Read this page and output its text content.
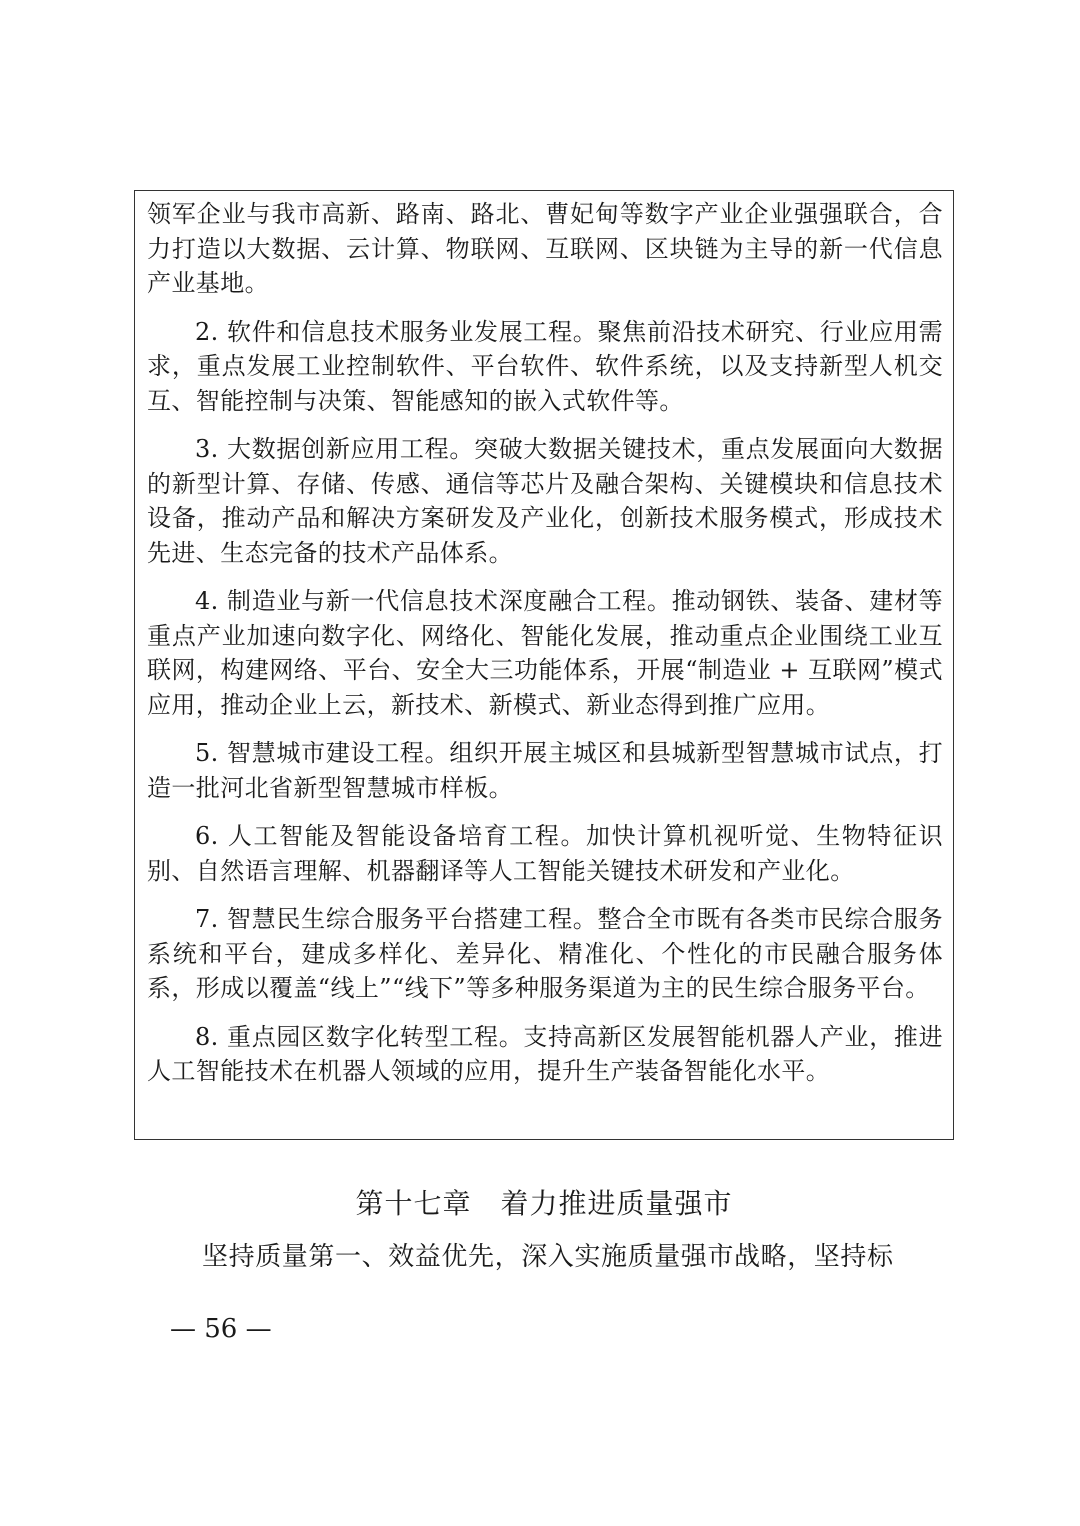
领军企业与我市高新、路南、路北、曹妃甸等数字产业企业强强联合，合力打造以大数据、云计算、物联网、互联网、区块链为主导的新一代信息产业基地。

2. 软件和信息技术服务业发展工程。聚焦前沿技术研究、行业应用需求，重点发展工业控制软件、平台软件、软件系统，以及支持新型人机交互、智能控制与决策、智能感知的嵌入式软件等。

3. 大数据创新应用工程。突破大数据关键技术，重点发展面向大数据的新型计算、存储、传感、通信等芯片及融合架构、关键模块和信息技术设备，推动产品和解决方案研发及产业化，创新技术服务模式，形成技术先进、生态完备的技术产品体系。

4. 制造业与新一代信息技术深度融合工程。推动钢铁、装备、建材等重点产业加速向数字化、网络化、智能化发展，推动重点企业围绕工业互联网，构建网络、平台、安全大三功能体系，开展“制造业 + 互联网”模式应用，推动企业上云，新技术、新模式、新业态得到推广应用。

5. 智慧城市建设工程。组织开展主城区和县城新型智慧城市试点，打造一批河北省新型智慧城市样板。

6. 人工智能及智能设备培育工程。加快计算机视听觉、生物特征识别、自然语言理解、机器翻译等人工智能关键技术研发和产业化。

7. 智慧民生综合服务平台搭建工程。整合全市既有各类市民综合服务系统和平台，建成多样化、差异化、精准化、个性化的市民融合服务体系，形成以覆盖“线上”“线下”等多种服务渠道为主的民生综合服务平台。

8. 重点园区数字化转型工程。支持高新区发展智能机器人产业，推进人工智能技术在机器人领域的应用，提升生产装备智能化水平。

第十七章　着力推进质量强市
坚持质量第一、效益优先，深入实施质量强市战略，坚持标
— 56 —
